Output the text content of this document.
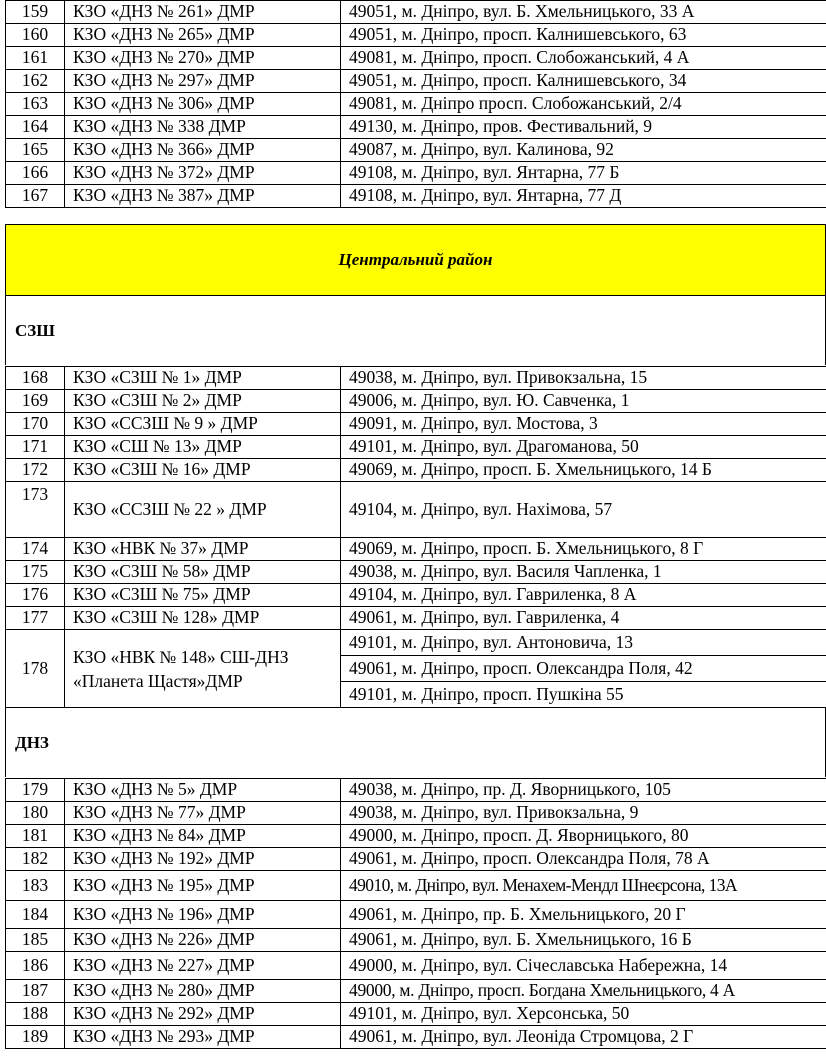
159	КЗО «ДНЗ № 261» ДМР	49051, м. Дніпро, вул. Б. Хмельницького, 33 А
160	КЗО «ДНЗ № 265» ДМР	49051, м. Дніпро, просп. Калнишевського, 63
161	КЗО «ДНЗ № 270» ДМР	49081, м. Дніпро, просп. Слобожанський, 4 А
162	КЗО «ДНЗ № 297» ДМР	49051, м. Дніпро, просп. Калнишевського, 34
163	КЗО «ДНЗ № 306» ДМР	49081, м. Дніпро просп. Слобожанський, 2/4
164	КЗО «ДНЗ № 338 ДМР	49130, м. Дніпро, пров. Фестивальний, 9
165	КЗО «ДНЗ № 366» ДМР	49087, м. Дніпро, вул. Калинова, 92
166	КЗО «ДНЗ № 372» ДМР	49108, м. Дніпро, вул. Янтарна, 77 Б
167	КЗО «ДНЗ № 387» ДМР	49108, м. Дніпро, вул. Янтарна, 77 Д
Центральний район
СЗШ
168	КЗО «СЗШ № 1» ДМР	49038, м. Дніпро, вул. Привокзальна, 15
169	КЗО «СЗШ № 2» ДМР	49006, м. Дніпро, вул. Ю. Савченка, 1
170	КЗО «ССЗШ № 9 » ДМР	49091, м. Дніпро, вул. Мостова, 3
171	КЗО «СШ № 13» ДМР	49101, м. Дніпро, вул. Драгоманова, 50
172	КЗО «СЗШ № 16» ДМР	49069, м. Дніпро, просп. Б. Хмельницького, 14 Б
173	КЗО «ССЗШ № 22 » ДМР	49104, м. Дніпро, вул. Нахімова, 57
174	КЗО «НВК № 37» ДМР	49069, м. Дніпро, просп. Б. Хмельницького, 8 Г
175	КЗО «СЗШ № 58» ДМР	49038, м. Дніпро, вул. Василя Чапленка, 1
176	КЗО «СЗШ № 75» ДМР	49104, м. Дніпро, вул. Гавриленка, 8 А
177	КЗО «СЗШ № 128» ДМР	49061, м. Дніпро, вул. Гавриленка, 4
178	КЗО «НВК № 148» СШ-ДНЗ «Планета Щастя»ДМР	49101, м. Дніпро, вул. Антоновича, 13
		49061, м. Дніпро, просп. Олександра Поля, 42
		49101, м. Дніпро, просп. Пушкіна 55
ДНЗ
179	КЗО «ДНЗ № 5» ДМР	49038, м. Дніпро, пр. Д. Яворницького, 105
180	КЗО «ДНЗ № 77» ДМР	49038, м. Дніпро, вул. Привокзальна, 9
181	КЗО «ДНЗ № 84» ДМР	49000, м. Дніпро, просп. Д. Яворницького, 80
182	КЗО «ДНЗ № 192» ДМР	49061, м. Дніпро, просп. Олександра Поля, 78 А
183	КЗО «ДНЗ № 195» ДМР	49010, м. Дніпро, вул. Менахем-Мендл Шнеєрсона, 13А
184	КЗО «ДНЗ № 196» ДМР	49061, м. Дніпро, пр. Б. Хмельницького, 20 Г
185	КЗО «ДНЗ № 226» ДМР	49061, м. Дніпро, вул. Б. Хмельницького, 16 Б
186	КЗО «ДНЗ № 227» ДМР	49000, м. Дніпро, вул. Січеславська Набережна, 14
187	КЗО «ДНЗ № 280» ДМР	49000, м. Дніпро, просп. Богдана Хмельницького, 4 А
188	КЗО «ДНЗ № 292» ДМР	49101, м. Дніпро, вул. Херсонська, 50
189	КЗО «ДНЗ № 293» ДМР	49061, м. Дніпро, вул. Леоніда Стромцова, 2 Г
